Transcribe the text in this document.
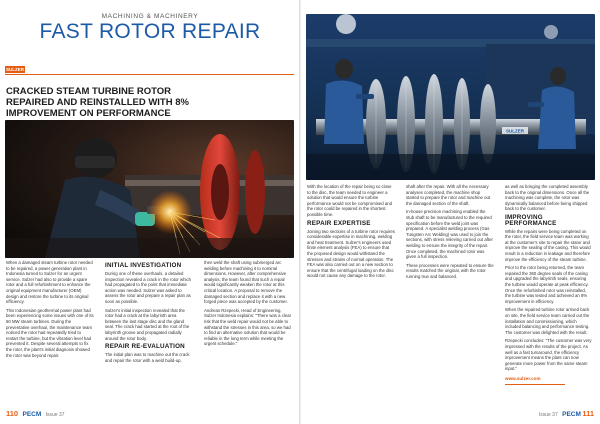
MACHINING & MACHINERY
FAST ROTOR REPAIR
SULZER
CRACKED STEAM TURBINE ROTOR
REPAIRED AND REINSTALLED WITH 8%
IMPROVEMENT ON PERFORMANCE

When a damaged steam turbine rotor needed to be repaired, a power generation plant in Indonesia turned to Sulzer for an urgent service. Sulzer had also to provide a spare rotor and a full refurbishment to enhance the original equipment manufacturer (OEM) design and restore the turbine to its original efficiency.

This Indonesian geothermal power plant had been experiencing some issues with one of its 60 MW steam turbines. During the preventative overhaul, the maintenance team noticed the rotor had repeatedly tried to restart the turbine, but the vibration level had prevented it. Despite several attempts to fix the rotor, the plant's initial diagnosis showed the rotor was beyond repair.

INITIAL INVESTIGATION

During one of these overhauls, a detailed inspection revealed a crack in the rotor which had propagated to the point that immediate action was needed. Sulzer was asked to assess the rotor and prepare a repair plan as soon as possible.

Sulzer's initial inspection revealed that the rotor had a crack at the labyrinth area between the last stage disc and the gland seal. The crack had started at the root of the labyrinth groove and propagated radially around the rotor body.

REPAIR RE-EVALUATION

The initial plan was to machine out the crack and repair the rotor with a weld build-up.

then weld the shaft using submerged arc welding before machining it to nominal dimensions. However, after comprehensive analysis, the team found that such a repair would significantly weaken the rotor at this critical location. A proposal to remove the damaged section and replace it with a new forged piece was accepted by the customer.

Andreas Rzepecki, Head of Engineering, Sulzer Indonesia explains: "There was a clear risk that the weld repair would not be able to withstand the stresses in this area, so we had to find an alternative solution that would be reliable in the long term while meeting the urgent schedule."

110 PECM Issue 37
SULZER

With the location of the repair being so close to the disc, the team needed to engineer a solution that would ensure the turbine performance would not be compromised and the rotor could be repaired in the shortest possible time.

REPAIR EXPERTISE

Joining two sections of a turbine rotor requires considerable expertise in machining, welding and heat treatment. Sulzer's engineers used finite element analysis (FEA) to ensure that the proposed design would withstand the stresses and strains of normal operation. The FEA was also carried out on a new section to ensure that the centrifugal loading on the disc would not cause any damage to the rotor.

shaft after the repair. With all the necessary analyses completed, the machine shop started to prepare the rotor and machine out the damaged section of the shaft.

In-house precision machining enabled the stub shaft to be manufactured to the required specification before the weld joint was prepared. A specialist welding process (Gas Tungsten Arc Welding) was used to join the sections, with stress relieving carried out after welding to ensure the integrity of the repair. Once completed, the machined rotor was given a full inspection.

These processes were repeated to ensure the results matched the original, with the rotor running true and balanced.

as well as bringing the completed assembly back to the original dimensions. Once all the machining was complete, the rotor was dynamically balanced before being shipped back to the customer.

IMPROVING PERFORMANCE

While the repairs were being completed on the rotor, the field service team was working at the customer's site to repair the stator and improve the sealing of the casing. This would result in a reduction in leakage and therefore improve the efficiency of the steam turbine.

Prior to the rotor being returned, the team repaired the 360 degree seals of the casing and upgraded the labyrinth seals, ensuring the turbine would operate at peak efficiency. Once the refurbished rotor was reinstalled, the turbine was tested and achieved an 8% improvement in efficiency.

When the repaired turbine rotor arrived back on site, the field service team carried out the installation and commissioning, which included balancing and performance testing. The customer was delighted with the result.

Rzepecki concludes: "The customer was very impressed with the results of the project. As well as a fast turnaround, the efficiency improvement means the plant can now generate more power from the same steam input."

www.sulzer.com
Issue 37 PECM 111
